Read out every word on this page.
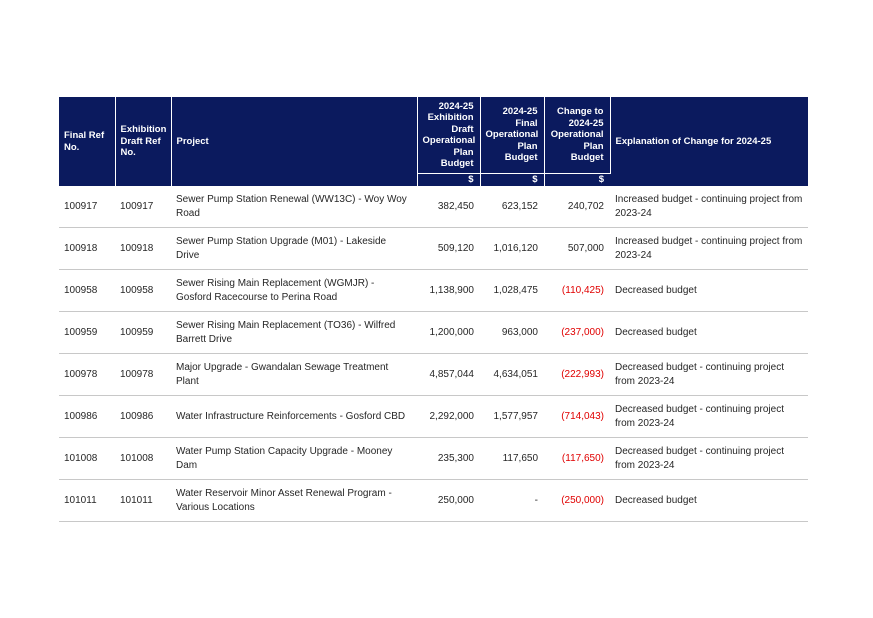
Final Ref No.	Exhibition Draft Ref No.	Project	2024-25 Exhibition Draft Operational Plan Budget	2024-25 Final Operational Plan Budget	Change to 2024-25 Operational Plan Budget	Explanation of Change for 2024-25
			$	$	$	
100917	100917	Sewer Pump Station Renewal (WW13C) - Woy Woy Road	382,450	623,152	240,702	Increased budget - continuing project from 2023-24
100918	100918	Sewer Pump Station Upgrade (M01) - Lakeside Drive	509,120	1,016,120	507,000	Increased budget - continuing project from 2023-24
100958	100958	Sewer Rising Main Replacement (WGMJR) - Gosford Racecourse to Perina Road	1,138,900	1,028,475	(110,425)	Decreased budget
100959	100959	Sewer Rising Main Replacement (TO36) - Wilfred Barrett Drive	1,200,000	963,000	(237,000)	Decreased budget
100978	100978	Major Upgrade - Gwandalan Sewage Treatment Plant	4,857,044	4,634,051	(222,993)	Decreased budget - continuing project from 2023-24
100986	100986	Water Infrastructure Reinforcements - Gosford CBD	2,292,000	1,577,957	(714,043)	Decreased budget - continuing project from 2023-24
101008	101008	Water Pump Station Capacity Upgrade - Mooney Dam	235,300	117,650	(117,650)	Decreased budget - continuing project from 2023-24
101011	101011	Water Reservoir Minor Asset Renewal Program - Various Locations	250,000	-	(250,000)	Decreased budget
